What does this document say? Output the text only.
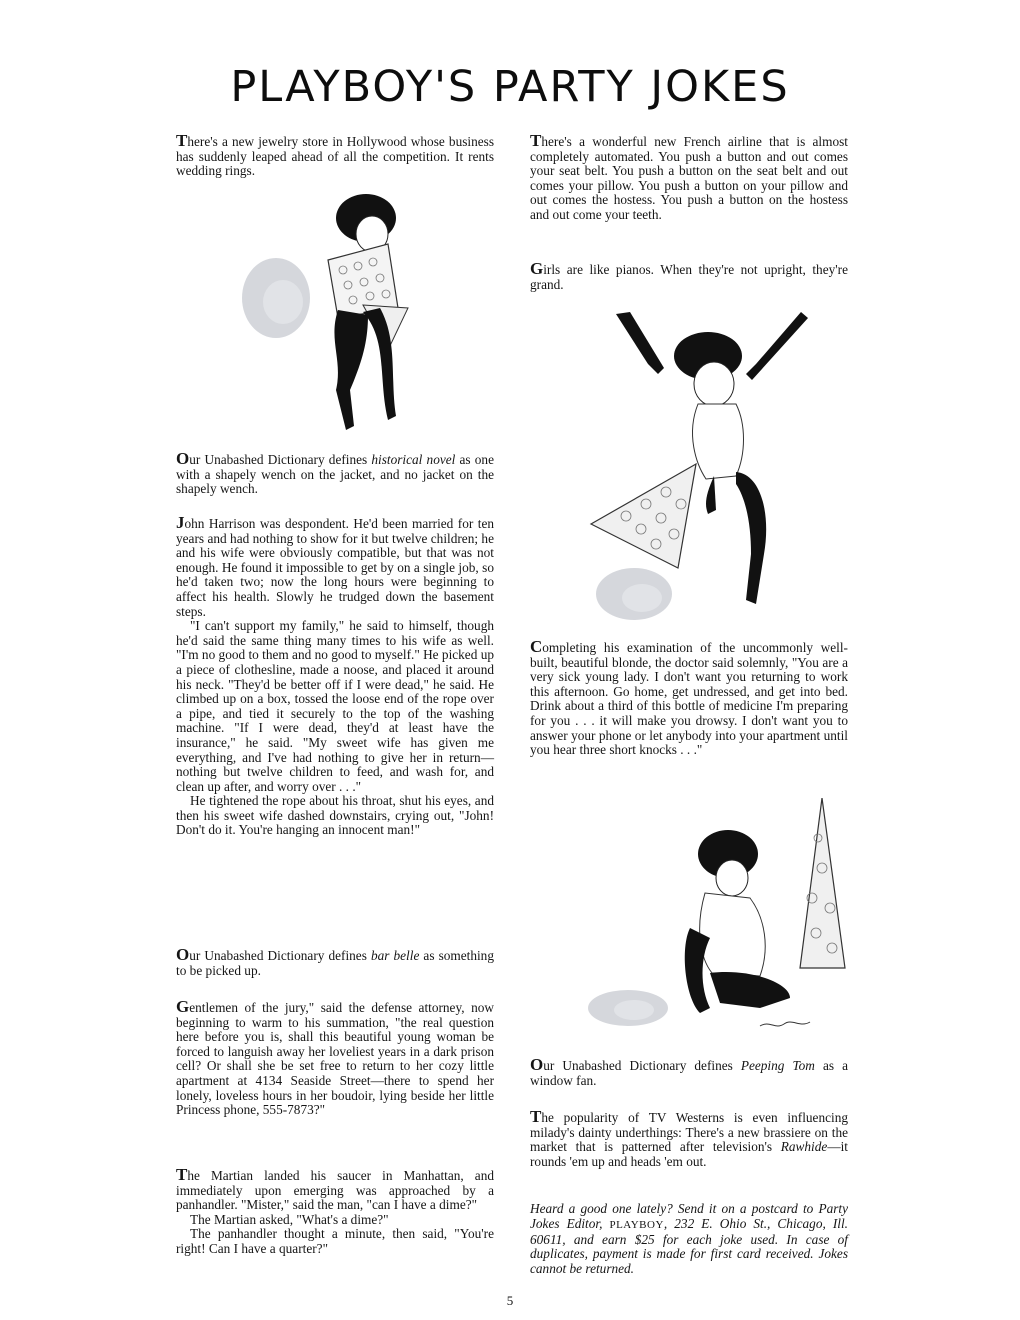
PLAYBOY'S PARTY JOKES

There's a new jewelry store in Hollywood whose business has suddenly leaped ahead of all the competition. It rents wedding rings.

Our Unabashed Dictionary defines historical novel as one with a shapely wench on the jacket, and no jacket on the shapely wench.

John Harrison was despondent. He'd been married for ten years and had nothing to show for it but twelve children; he and his wife were obviously compatible, but that was not enough. He found it impossible to get by on a single job, so he'd taken two; now the long hours were beginning to affect his health. Slowly he trudged down the basement steps.

"I can't support my family," he said to himself, though he'd said the same thing many times to his wife as well. "I'm no good to them and no good to myself." He picked up a piece of clothesline, made a noose, and placed it around his neck. "They'd be better off if I were dead," he said. He climbed up on a box, tossed the loose end of the rope over a pipe, and tied it securely to the top of the washing machine. "If I were dead, they'd at least have the insurance," he said. "My sweet wife has given me everything, and I've had nothing to give her in return—nothing but twelve children to feed, and wash for, and clean up after, and worry over . . ."

He tightened the rope about his throat, shut his eyes, and then his sweet wife dashed downstairs, crying out, "John! Don't do it. You're hanging an innocent man!"

Our Unabashed Dictionary defines bar belle as something to be picked up.

Gentlemen of the jury," said the defense attorney, now beginning to warm to his summation, "the real question here before you is, shall this beautiful young woman be forced to languish away her loveliest years in a dark prison cell? Or shall she be set free to return to her cozy little apartment at 4134 Seaside Street—there to spend her lonely, loveless hours in her boudoir, lying beside her little Princess phone, 555-7873?"

The Martian landed his saucer in Manhattan, and immediately upon emerging was approached by a panhandler. "Mister," said the man, "can I have a dime?"

The Martian asked, "What's a dime?"

The panhandler thought a minute, then said, "You're right! Can I have a quarter?"

There's a wonderful new French airline that is almost completely automated. You push a button and out comes your seat belt. You push a button on the seat belt and out comes your pillow. You push a button on your pillow and out comes the hostess. You push a button on the hostess and out come your teeth.

Girls are like pianos. When they're not upright, they're grand.

Completing his examination of the uncommonly well-built, beautiful blonde, the doctor said solemnly, "You are a very sick young lady. I don't want you returning to work this afternoon. Go home, get undressed, and get into bed. Drink about a third of this bottle of medicine I'm preparing for you . . . it will make you drowsy. I don't want you to answer your phone or let anybody into your apartment until you hear three short knocks . . ."

Our Unabashed Dictionary defines Peeping Tom as a window fan.

The popularity of TV Westerns is even influencing milady's dainty underthings: There's a new brassiere on the market that is patterned after television's Rawhide—it rounds 'em up and heads 'em out.

Heard a good one lately? Send it on a postcard to Party Jokes Editor, PLAYBOY, 232 E. Ohio St., Chicago, Ill. 60611, and earn $25 for each joke used. In case of duplicates, payment is made for first card received. Jokes cannot be returned.

5
